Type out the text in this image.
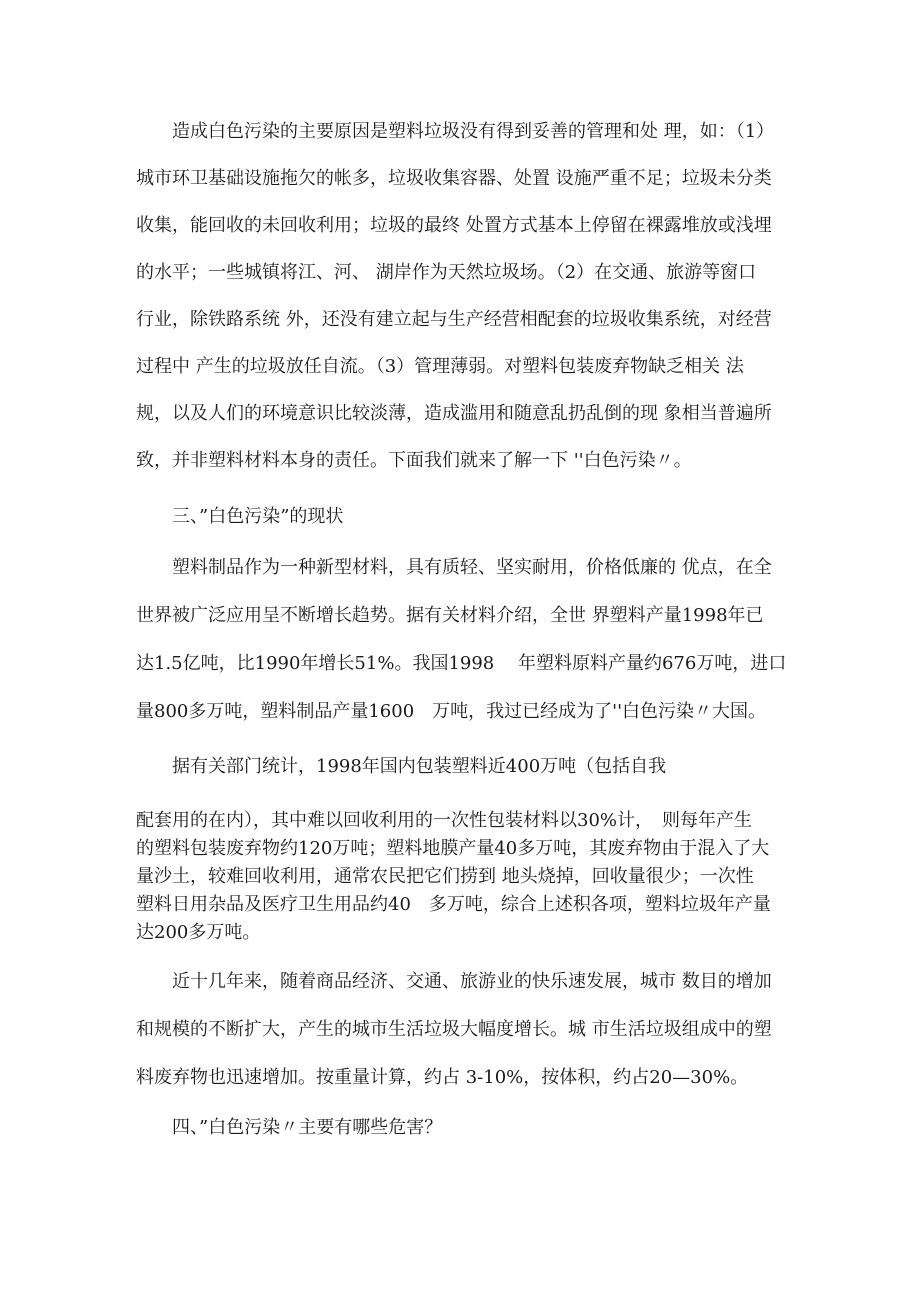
造成白色污染的主要原因是塑料垃圾没有得到妥善的管理和处 理，如：（1）
城市环卫基础设施拖欠的帐多，垃圾收集容器、处置 设施严重不足；垃圾未分类
收集，能回收的未回收利用；垃圾的最终 处置方式基本上停留在裸露堆放或浅埋
的水平；一些城镇将江、河、 湖岸作为天然垃圾场。（2）在交通、旅游等窗口
行业，除铁路系统 外，还没有建立起与生产经营相配套的垃圾收集系统，对经营
过程中 产生的垃圾放任自流。（3）管理薄弱。对塑料包装废弃物缺乏相关 法
规，以及人们的环境意识比较淡薄，造成滥用和随意乱扔乱倒的现 象相当普遍所
致，并非塑料材料本身的责任。下面我们就来了解一下 ''白色污染〃。
三、”白色污染”的现状
塑料制品作为一种新型材料，具有质轻、坚实耐用，价格低廉的 优点，在全
世界被广泛应用呈不断增长趋势。据有关材料介绍，全世 界塑料产量1998年已
达1.5亿吨，比1990年增长51%。我国1998　 年塑料原料产量约676万吨，进口
量800多万吨，塑料制品产量1600　万吨，我过已经成为了''白色污染〃大国。
据有关部门统计，1998年国内包装塑料近400万吨（包括自我
配套用的在内），其中难以回收利用的一次性包装材料以30%计，　则每年产生
的塑料包装废弃物约120万吨；塑料地膜产量40多万吨，其废弃物由于混入了大
量沙土，较难回收利用，通常农民把它们捞到 地头烧掉，回收量很少；一次性
塑料日用杂品及医疗卫生用品约40　多万吨，综合上述积各项，塑料垃圾年产量
达200多万吨。
近十几年来，随着商品经济、交通、旅游业的快乐速发展，城市 数目的增加
和规模的不断扩大，产生的城市生活垃圾大幅度增长。城 市生活垃圾组成中的塑
料废弃物也迅速增加。按重量计算，约占 3-10%，按体积，约占20—30%。
四、”白色污染〃主要有哪些危害？
